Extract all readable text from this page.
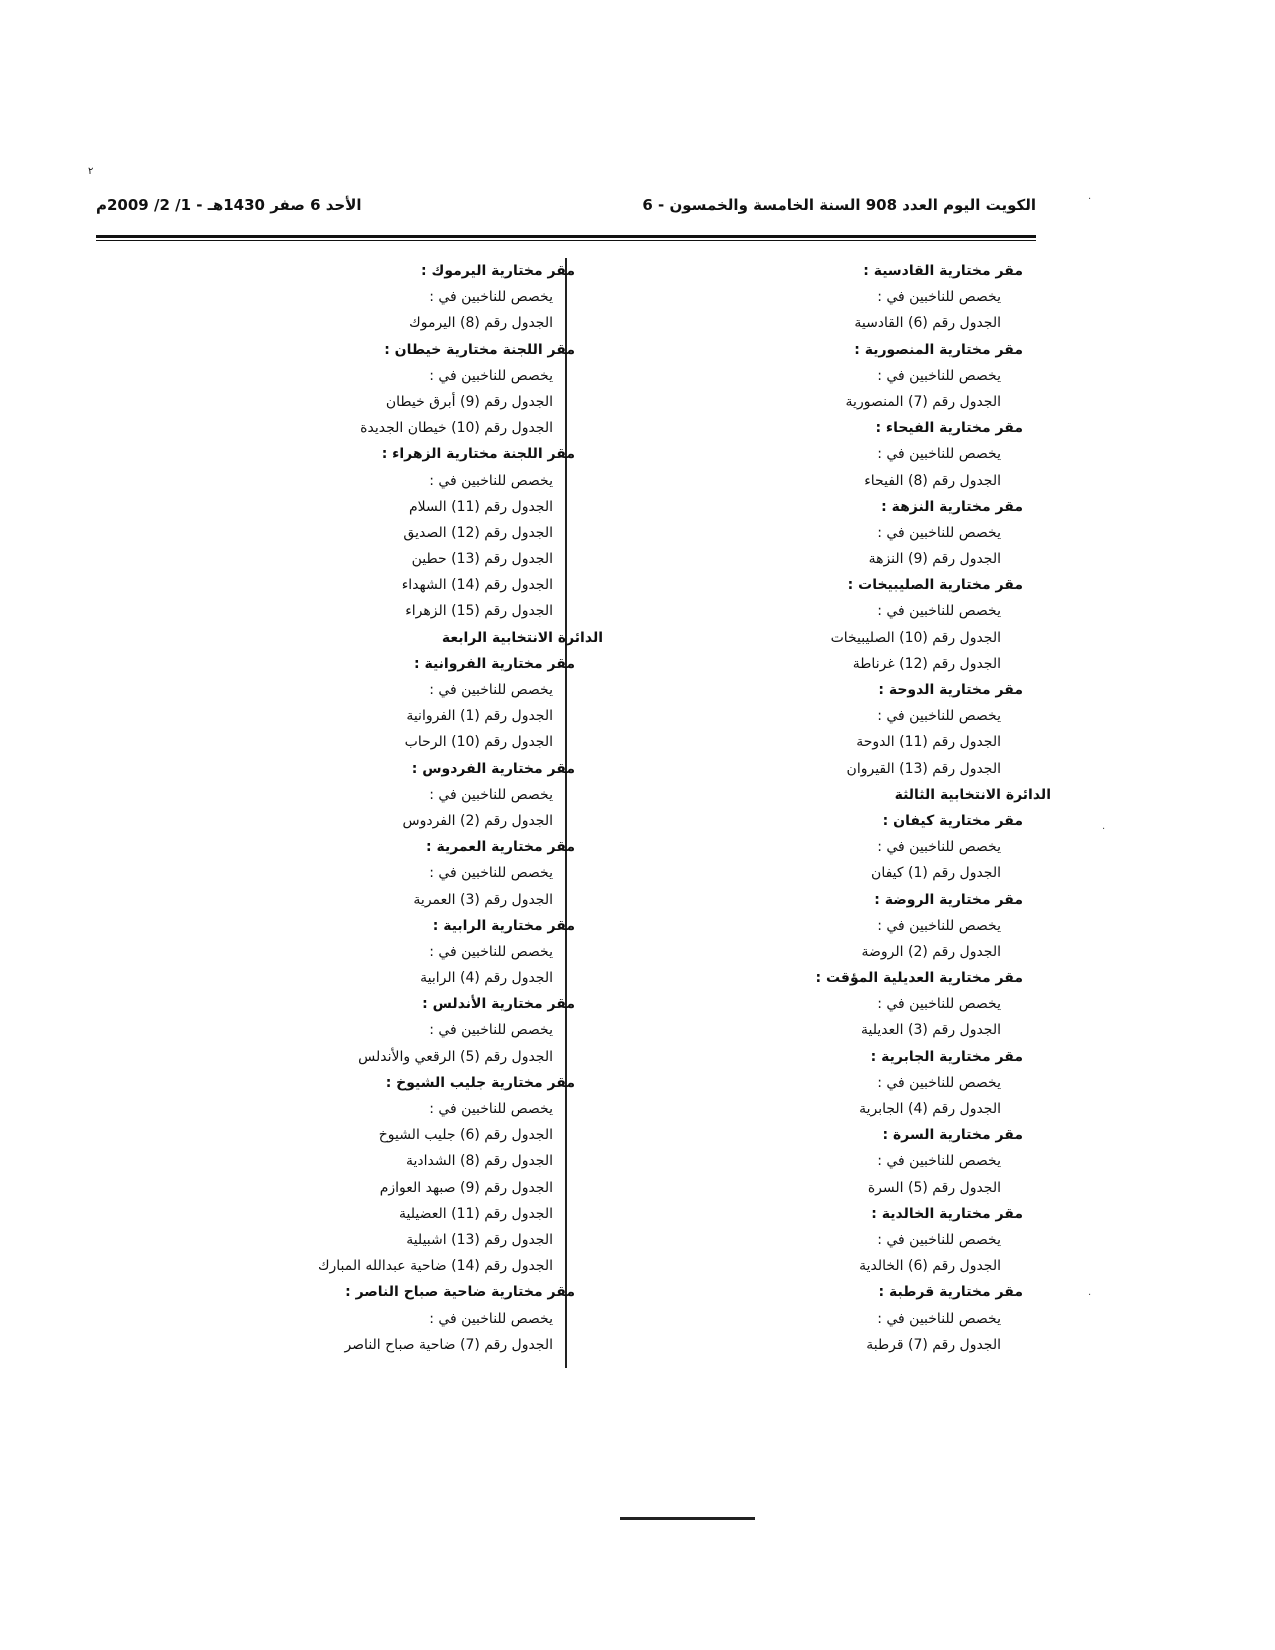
٢
الكويت اليوم العدد 908 السنة الخامسة والخمسون - 6
الأحد 6 صفر 1430هـ - 1/ 2/ 2009م
مقر مختارية القادسية :
يخصص للناخبين في :
الجدول رقم (6) القادسية
مقر مختارية المنصورية :
يخصص للناخبين في :
الجدول رقم (7) المنصورية
مقر مختارية الفيحاء :
يخصص للناخبين في :
الجدول رقم (8) الفيحاء
مقر مختارية النزهة :
يخصص للناخبين في :
الجدول رقم (9) النزهة
مقر مختارية الصليبيخات :
يخصص للناخبين في :
الجدول رقم (10) الصليبيخات
الجدول رقم (12) غرناطة
مقر مختارية الدوحة :
يخصص للناخبين في :
الجدول رقم (11) الدوحة
الجدول رقم (13) القيروان
الدائرة الانتخابية الثالثة
مقر مختارية كيفان :
يخصص للناخبين في :
الجدول رقم (1) كيفان
مقر مختارية الروضة :
يخصص للناخبين في :
الجدول رقم (2) الروضة
مقر مختارية العديلية المؤقت :
يخصص للناخبين في :
الجدول رقم (3) العديلية
مقر مختارية الجابرية :
يخصص للناخبين في :
الجدول رقم (4) الجابرية
مقر مختارية السرة :
يخصص للناخبين في :
الجدول رقم (5) السرة
مقر مختارية الخالدية :
يخصص للناخبين في :
الجدول رقم (6) الخالدية
مقر مختارية قرطبة :
يخصص للناخبين في :
الجدول رقم (7) قرطبة
مقر مختارية اليرموك :
يخصص للناخبين في :
الجدول رقم (8) اليرموك
مقر اللجنة مختارية خيطان :
يخصص للناخبين في :
الجدول رقم (9) أبرق خيطان
الجدول رقم (10) خيطان الجديدة
مقر اللجنة مختارية الزهراء :
يخصص للناخبين في :
الجدول رقم (11) السلام
الجدول رقم (12) الصديق
الجدول رقم (13) حطين
الجدول رقم (14) الشهداء
الجدول رقم (15) الزهراء
الدائرة الانتخابية الرابعة
مقر مختارية الفروانية :
يخصص للناخبين في :
الجدول رقم (1) الفروانية
الجدول رقم (10) الرحاب
مقر مختارية الفردوس :
يخصص للناخبين في :
الجدول رقم (2) الفردوس
مقر مختارية العمرية :
يخصص للناخبين في :
الجدول رقم (3) العمرية
مقر مختارية الرابية :
يخصص للناخبين في :
الجدول رقم (4) الرابية
مقر مختارية الأندلس :
يخصص للناخبين في :
الجدول رقم (5) الرقعي والأندلس
مقر مختارية جليب الشيوخ :
يخصص للناخبين في :
الجدول رقم (6) جليب الشيوخ
الجدول رقم (8) الشدادية
الجدول رقم (9) صبهد العوازم
الجدول رقم (11) العضيلية
الجدول رقم (13) اشبيلية
الجدول رقم (14) ضاحية عبدالله المبارك
مقر مختارية ضاحية صباح الناصر :
يخصص للناخبين في :
الجدول رقم (7) ضاحية صباح الناصر
·
·
·
